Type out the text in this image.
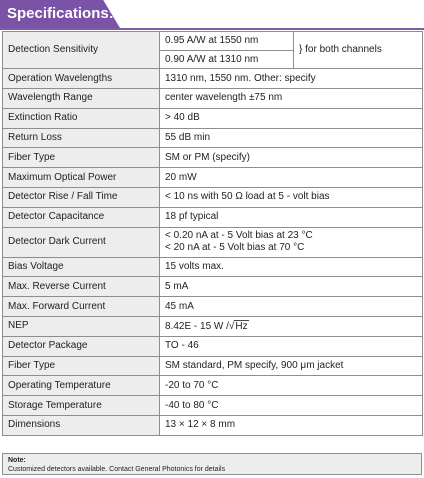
Specifications:
Detection Sensitivity	0.95 A/W at 1550 nm
0.90 A/W at 1310 nm	} for both channels
Operation Wavelengths	1310 nm, 1550 nm. Other: specify	
Wavelength Range	center wavelength ±75 nm	
Extinction Ratio	> 40 dB	
Return Loss	55 dB min	
Fiber Type	SM or PM (specify)	
Maximum Optical Power	20 mW	
Detector Rise / Fall Time	< 10 ns with 50 Ω load at 5 - volt bias	
Detector Capacitance	18 pf typical	
Detector Dark Current	< 0.20 nA at - 5 Volt bias at 23 °C
< 20 nA at - 5 Volt bias at 70 °C	

Bias Voltage	15 volts max.	
Max. Reverse Current	5 mA	
Max. Forward Current	45 mA	
NEP	8.42E - 15 W /√Hz	
Detector Package	TO - 46	
Fiber Type	SM standard, PM specify, 900 μm jacket	
Operating Temperature	-20 to 70 °C	
Storage Temperature	-40 to 80 °C	
Dimensions	13 × 12 × 8 mm	
Note:
Customized detectors available. Contact General Photonics for details
